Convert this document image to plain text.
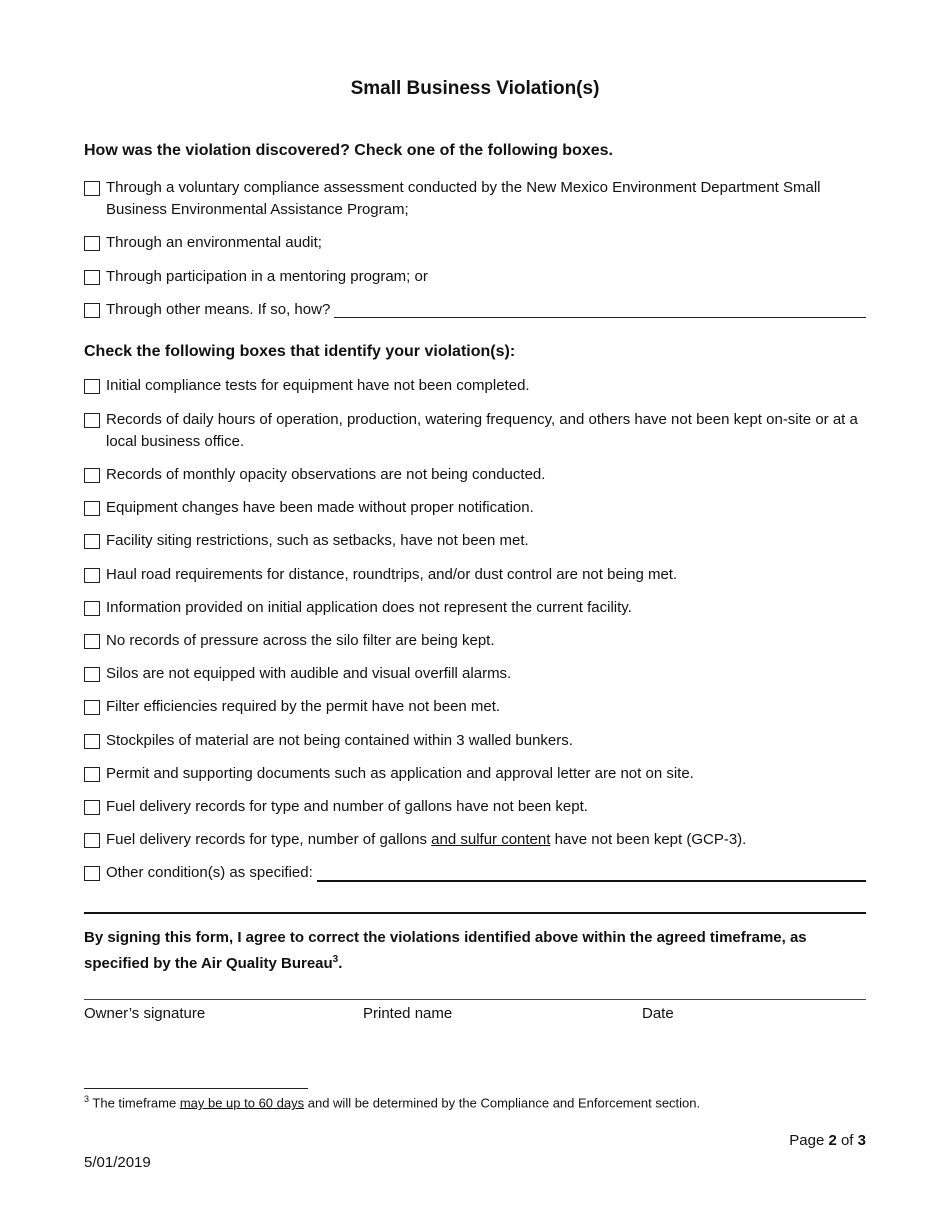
Small Business Violation(s)
How was the violation discovered? Check one of the following boxes.
Through a voluntary compliance assessment conducted by the New Mexico Environment Department Small Business Environmental Assistance Program;
Through an environmental audit;
Through participation in a mentoring program; or
Through other means. If so, how?
Check the following boxes that identify your violation(s):
Initial compliance tests for equipment have not been completed.
Records of daily hours of operation, production, watering frequency, and others have not been kept on-site or at a local business office.
Records of monthly opacity observations are not being conducted.
Equipment changes have been made without proper notification.
Facility siting restrictions, such as setbacks, have not been met.
Haul road requirements for distance, roundtrips, and/or dust control are not being met.
Information provided on initial application does not represent the current facility.
No records of pressure across the silo filter are being kept.
Silos are not equipped with audible and visual overfill alarms.
Filter efficiencies required by the permit have not been met.
Stockpiles of material are not being contained within 3 walled bunkers.
Permit and supporting documents such as application and approval letter are not on site.
Fuel delivery records for type and number of gallons have not been kept.
Fuel delivery records for type, number of gallons and sulfur content have not been kept (GCP-3).
Other condition(s) as specified:
By signing this form, I agree to correct the violations identified above within the agreed timeframe, as specified by the Air Quality Bureau$^3$.
Owner’s signature	Printed name	Date
$^3$ The timeframe may be up to 60 days and will be determined by the Compliance and Enforcement section.
Page 2 of 3
5/01/2019
